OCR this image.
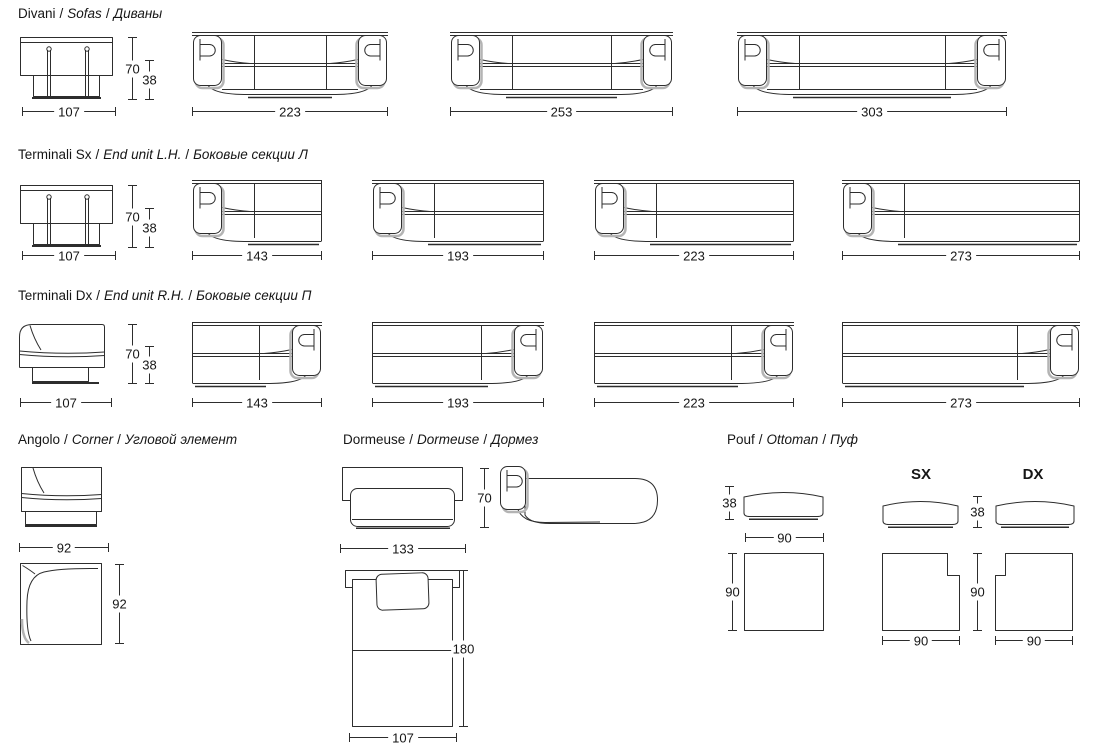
Divani / Sofas / Диваны
107
70
38
223	253	303
Terminali Sx / End unit L.H. / Боковые секции Л
107
70
38
143	193	223	273
Terminali Dx / End unit R.H. / Боковые секции П
107
70
38
143	193	223	273
Angolo / Corner / Угловой элемент
92
92
Dormeuse / Dormeuse / Дормез
133
70
180
107
Pouf / Ottoman / Пуф
38
90
90
SX	DX
38
90
90	90
